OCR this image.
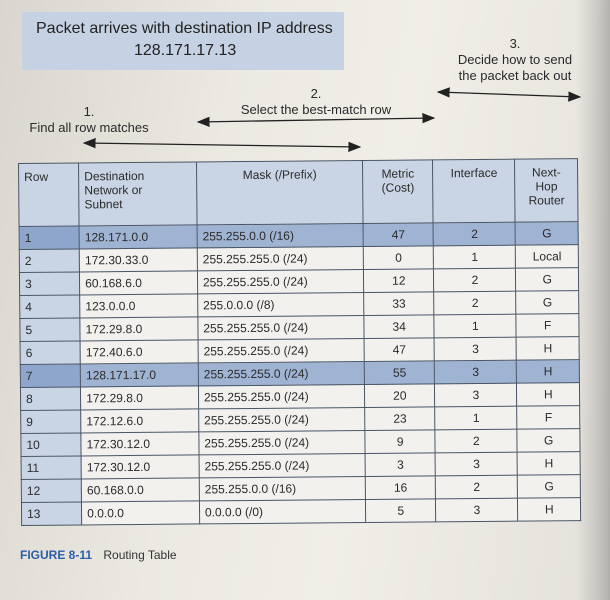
Packet arrives with destination IP address
128.171.17.13
1.
Find all row matches
2.
Select the best-match row
3.
Decide how to send
the packet back out
Row	Destination
Network or
Subnet	Mask (/Prefix)	Metric
(Cost)	Interface	Next-
Hop
Router
1	128.171.0.0	255.255.0.0 (/16)	47	2	G
2	172.30.33.0	255.255.255.0 (/24)	0	1	Local
3	60.168.6.0	255.255.255.0 (/24)	12	2	G
4	123.0.0.0	255.0.0.0 (/8)	33	2	G
5	172.29.8.0	255.255.255.0 (/24)	34	1	F
6	172.40.6.0	255.255.255.0 (/24)	47	3	H
7	128.171.17.0	255.255.255.0 (/24)	55	3	H
8	172.29.8.0	255.255.255.0 (/24)	20	3	H
9	172.12.6.0	255.255.255.0 (/24)	23	1	F
10	172.30.12.0	255.255.255.0 (/24)	9	2	G
11	172.30.12.0	255.255.255.0 (/24)	3	3	H
12	60.168.0.0	255.255.0.0 (/16)	16	2	G
13	0.0.0.0	0.0.0.0 (/0)	5	3	H
FIGURE 8-11 Routing Table
